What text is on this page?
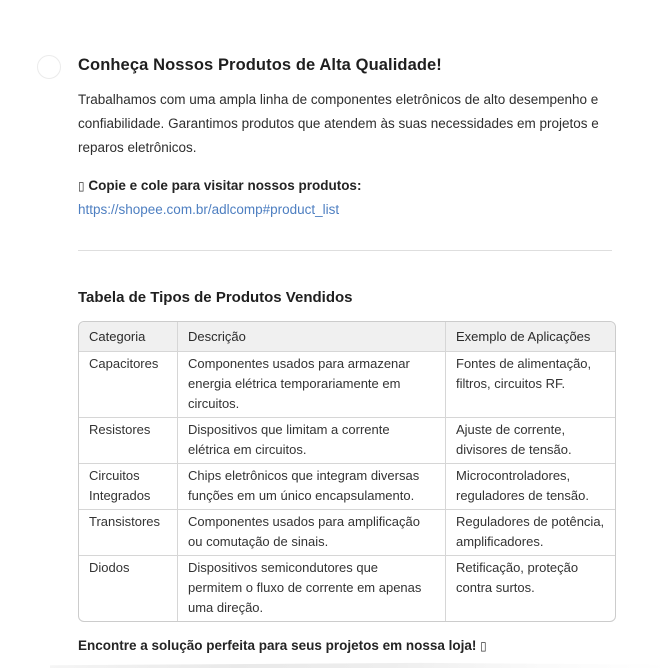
Conheça Nossos Produtos de Alta Qualidade!

Trabalhamos com uma ampla linha de componentes eletrônicos de alto desempenho e confiabilidade. Garantimos produtos que atendem às suas necessidades em projetos e reparos eletrônicos.

▯ Copie e cole para visitar nossos produtos: https://shopee.com.br/adlcomp#product_list

Tabela de Tipos de Produtos Vendidos
Categoria	Descrição	Exemplo de Aplicações
Capacitores	Componentes usados para armazenar energia elétrica temporariamente em circuitos.	Fontes de alimentação, filtros, circuitos RF.
Resistores	Dispositivos que limitam a corrente elétrica em circuitos.	Ajuste de corrente, divisores de tensão.
Circuitos Integrados	Chips eletrônicos que integram diversas funções em um único encapsulamento.	Microcontroladores, reguladores de tensão.
Transistores	Componentes usados para amplificação ou comutação de sinais.	Reguladores de potência, amplificadores.
Diodos	Dispositivos semicondutores que permitem o fluxo de corrente em apenas uma direção.	Retificação, proteção contra surtos.

Encontre a solução perfeita para seus projetos em nossa loja! ▯
